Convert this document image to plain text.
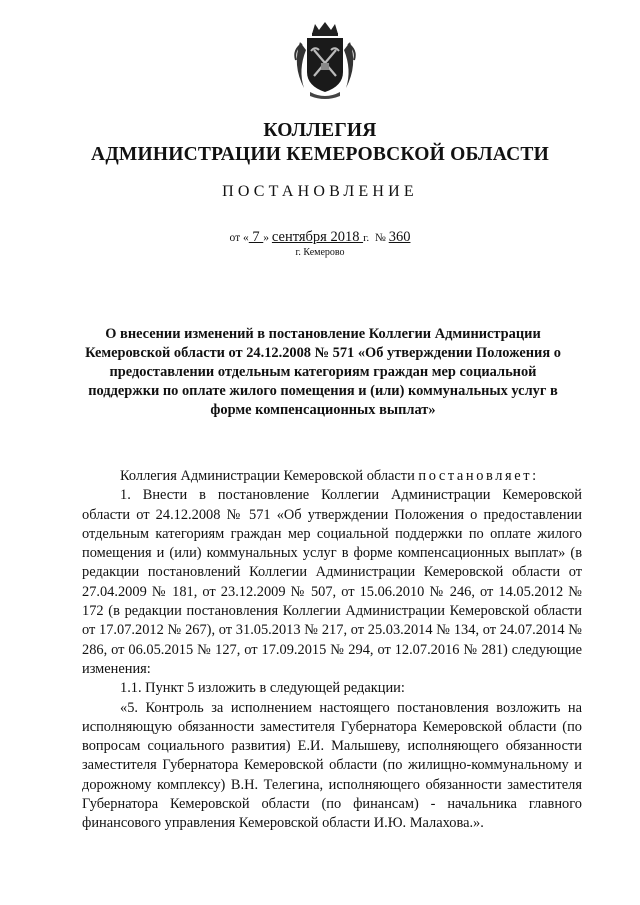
КОЛЛЕГИЯ
АДМИНИСТРАЦИИ КЕМЕРОВСКОЙ ОБЛАСТИ
ПОСТАНОВЛЕНИЕ
от « 7 » сентября 2018 г. № 360
г. Кемерово
О внесении изменений в постановление Коллегии Администрации Кемеровской области от 24.12.2008 № 571 «Об утверждении Положения о предоставлении отдельным категориям граждан мер социальной поддержки по оплате жилого помещения и (или) коммунальных услуг в форме компенсационных выплат»

Коллегия Администрации Кемеровской области постановляет:

1. Внести в постановление Коллегии Администрации Кемеровской области от 24.12.2008 № 571 «Об утверждении Положения о предоставлении отдельным категориям граждан мер социальной поддержки по оплате жилого помещения и (или) коммунальных услуг в форме компенсационных выплат» (в редакции постановлений Коллегии Администрации Кемеровской области от 27.04.2009 № 181, от 23.12.2009 № 507, от 15.06.2010 № 246, от 14.05.2012 № 172 (в редакции постановления Коллегии Администрации Кемеровской области от 17.07.2012 № 267), от 31.05.2013 № 217, от 25.03.2014 № 134, от 24.07.2014 № 286, от 06.05.2015 № 127, от 17.09.2015 № 294, от 12.07.2016 № 281) следующие изменения:

1.1. Пункт 5 изложить в следующей редакции:

«5. Контроль за исполнением настоящего постановления возложить на исполняющую обязанности заместителя Губернатора Кемеровской области (по вопросам социального развития) Е.И. Малышеву, исполняющего обязанности заместителя Губернатора Кемеровской области (по жилищно-коммунальному и дорожному комплексу) В.Н. Телегина, исполняющего обязанности заместителя Губернатора Кемеровской области (по финансам) - начальника главного финансового управления Кемеровской области И.Ю. Малахова.».
